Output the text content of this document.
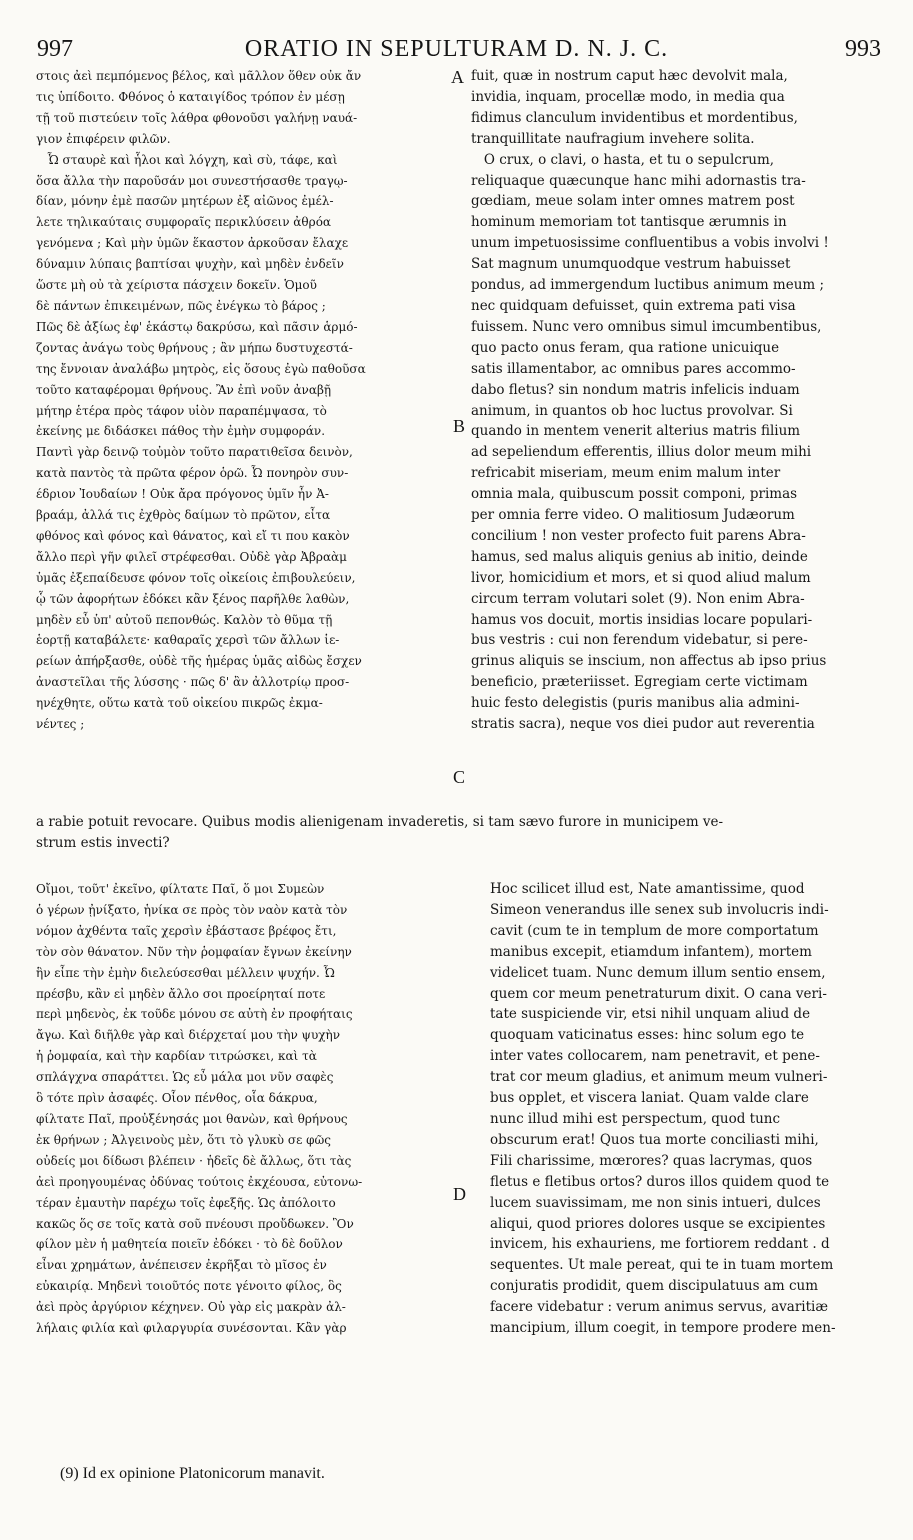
997	ORATIO IN SEPULTURAM D. N. J. C.	993
στοις ἀεὶ πεμπόμενος βέλος, καὶ μᾶλλον ὅθεν οὐκ ἄν
τις ὑπίδοιτο. Φθόνος ὁ καταιγίδος τρόπον ἐν μέσῃ
τῇ τοῦ πιστεύειν τοῖς λάθρα φθονοῦσι γαλήνῃ ναυά-
γιον ἐπιφέρειν φιλῶν.
Ὦ σταυρὲ καὶ ἧλοι καὶ λόγχη, καὶ σὺ, τάφε, καὶ
ὅσα ἄλλα τὴν παροῦσάν μοι συνεστήσασθε τραγῳ-
δίαν, μόνην ἐμὲ πασῶν μητέρων ἐξ αἰῶνος ἐμέλ-
λετε τηλικαύταις συμφοραῖς περικλύσειν ἀθρόα
γενόμενα ; Καὶ μὴν ὑμῶν ἕκαστον ἀρκοῦσαν ἔλαχε
δύναμιν λύπαις βαπτίσαι ψυχὴν, καὶ μηδὲν ἐνδεῖν
ὥστε μὴ οὐ τὰ χείριστα πάσχειν δοκεῖν. Ὁμοῦ
δὲ πάντων ἐπικειμένων, πῶς ἐνέγκω τὸ βάρος ;
Πῶς δὲ ἀξίως ἐφ' ἑκάστῳ δακρύσω, καὶ πᾶσιν ἁρμό-
ζοντας ἀνάγω τοὺς θρήνους ; ἂν μήπω δυστυχεστά-
της ἔννοιαν ἀναλάβω μητρὸς, εἰς ὅσους ἐγὼ παθοῦσα
τοῦτο καταφέρομαι θρήνους. Ἂν ἐπὶ νοῦν ἀναβῇ
μήτηρ ἑτέρα πρὸς τάφον υἱὸν παραπέμψασα, τὸ
ἐκείνης με διδάσκει πάθος τὴν ἐμὴν συμφοράν.
Παντὶ γὰρ δεινῷ τοὐμὸν τοῦτο παρατιθεῖσα δεινὸν,
κατὰ παντὸς τὰ πρῶτα φέρον ὁρῶ. Ὦ πονηρὸν συν-
έδριον Ἰουδαίων ! Οὐκ ἄρα πρόγονος ὑμῖν ἦν Ἀ-
βραάμ, ἀλλά τις ἐχθρὸς δαίμων τὸ πρῶτον, εἶτα
φθόνος καὶ φόνος καὶ θάνατος, καὶ εἴ τι που κακὸν
ἄλλο περὶ γῆν φιλεῖ στρέφεσθαι. Οὐδὲ γὰρ Ἀβραὰμ
ὑμᾶς ἐξεπαίδευσε φόνον τοῖς οἰκείοις ἐπιβουλεύειν,
ᾧ τῶν ἀφορήτων ἐδόκει κἂν ξένος παρῆλθε λαθὼν,
μηδὲν εὖ ὑπ' αὐτοῦ πεπονθώς. Καλὸν τὸ θῦμα τῇ
ἑορτῇ καταβάλετε· καθαραῖς χερσὶ τῶν ἄλλων ἱε-
ρείων ἀπήρξασθε, οὐδὲ τῆς ἡμέρας ὑμᾶς αἰδὼς ἔσχεν
ἀναστεῖλαι τῆς λύσσης · πῶς δ' ἂν ἀλλοτρίῳ προσ-
ηνέχθητε, οὕτω κατὰ τοῦ οἰκείου πικρῶς ἐκμα-
νέντες ;
fuit, quæ in nostrum caput hæc devolvit mala,
invidia, inquam, procellæ modo, in media qua
fidimus clanculum invidentibus et mordentibus,
tranquillitate naufragium invehere solita.
O crux, o clavi, o hasta, et tu o sepulcrum,
reliquaque quæcunque hanc mihi adornastis tra-
gœdiam, meue solam inter omnes matrem post
hominum memoriam tot tantisque ærumnis in
unum impetuosissime confluentibus a vobis involvi !
Sat magnum unumquodque vestrum habuisset
pondus, ad immergendum luctibus animum meum ;
nec quidquam defuisset, quin extrema pati visa
fuissem. Nunc vero omnibus simul imcumbentibus,
quo pacto onus feram, qua ratione unicuique
satis illamentabor, ac omnibus pares accommo-
dabo fletus? sin nondum matris infelicis induam
animum, in quantos ob hoc luctus provolvar. Si
quando in mentem venerit alterius matris filium
ad sepeliendum efferentis, illius dolor meum mihi
refricabit miseriam, meum enim malum inter
omnia mala, quibuscum possit componi, primas
per omnia ferre video. O malitiosum Judæorum
concilium ! non vester profecto fuit parens Abra-
hamus, sed malus aliquis genius ab initio, deinde
livor, homicidium et mors, et si quod aliud malum
circum terram volutari solet (9). Non enim Abra-
hamus vos docuit, mortis insidias locare populari-
bus vestris : cui non ferendum videbatur, si pere-
grinus aliquis se inscium, non affectus ab ipso prius
beneficio, præteriisset. Egregiam certe victimam
huic festo delegistis (puris manibus alia admini-
stratis sacra), neque vos diei pudor aut reverentia
A
B
C
D
a rabie potuit revocare. Quibus modis alienigenam invaderetis, si tam sævo furore in municipem ve-
strum estis invecti?
Οἴμοι, τοῦτ' ἐκεῖνο, φίλτατε Παῖ, ὅ μοι Συμεὼν
ὁ γέρων ᾐνίξατο, ἡνίκα σε πρὸς τὸν ναὸν κατὰ τὸν
νόμον ἀχθέντα ταῖς χερσὶν ἐβάστασε βρέφος ἔτι,
τὸν σὸν θάνατον. Νῦν τὴν ῥομφαίαν ἔγνων ἐκείνην
ἣν εἶπε τὴν ἐμὴν διελεύσεσθαι μέλλειν ψυχήν. Ὦ
πρέσβυ, κἂν εἰ μηδὲν ἄλλο σοι προείρηταί ποτε
περὶ μηδενὸς, ἐκ τοῦδε μόνου σε αὐτὴ ἐν προφήταις
ἄγω. Καὶ διῆλθε γὰρ καὶ διέρχεταί μου τὴν ψυχὴν
ἡ ῥομφαία, καὶ τὴν καρδίαν τιτρώσκει, καὶ τὰ
σπλάγχνα σπαράττει. Ὡς εὖ μάλα μοι νῦν σαφὲς
ὃ τότε πρὶν ἀσαφές. Οἷον πένθος, οἷα δάκρυα,
φίλτατε Παῖ, προὐξένησάς μοι θανὼν, καὶ θρήνους
ἐκ θρήνων ; Ἀλγεινοὺς μὲν, ὅτι τὸ γλυκὺ σε φῶς
οὐδείς μοι δίδωσι βλέπειν · ἡδεῖς δὲ ἄλλως, ὅτι τὰς
ἀεὶ προηγουμένας ὀδύνας τούτοις ἐκχέουσα, εὐτονω-
τέραν ἐμαυτὴν παρέχω τοῖς ἐφεξῆς. Ὡς ἀπόλοιτο
κακῶς ὅς σε τοῖς κατὰ σοῦ πνέουσι προὔδωκεν. Ὃν
φίλον μὲν ἡ μαθητεία ποιεῖν ἐδόκει · τὸ δὲ δοῦλον
εἶναι χρημάτων, ἀνέπεισεν ἐκρῆξαι τὸ μῖσος ἐν
εὐκαιρίᾳ. Μηδενὶ τοιοῦτός ποτε γένοιτο φίλος, ὃς
ἀεὶ πρὸς ἀργύριον κέχηνεν. Οὐ γὰρ εἰς μακρὰν ἀλ-
λήλαις φιλία καὶ φιλαργυρία συνέσονται. Κἂν γὰρ
Hoc scilicet illud est, Nate amantissime, quod
Simeon venerandus ille senex sub involucris indi-
cavit (cum te in templum de more comportatum
manibus excepit, etiamdum infantem), mortem
videlicet tuam. Nunc demum illum sentio ensem,
quem cor meum penetraturum dixit. O cana veri-
tate suspiciende vir, etsi nihil unquam aliud de
quoquam vaticinatus esses: hinc solum ego te
inter vates collocarem, nam penetravit, et pene-
trat cor meum gladius, et animum meum vulneri-
bus opplet, et viscera laniat. Quam valde clare
nunc illud mihi est perspectum, quod tunc
obscurum erat! Quos tua morte conciliasti mihi,
Fili charissime, mœrores? quas lacrymas, quos
fletus e fletibus ortos? duros illos quidem quod te
lucem suavissimam, me non sinis intueri, dulces
aliqui, quod priores dolores usque se excipientes
invicem, his exhauriens, me fortiorem reddant . d
sequentes. Ut male pereat, qui te in tuam mortem
conjuratis prodidit, quem discipulatuus am cum
facere videbatur : verum animus servus, avaritiæ
mancipium, illum coegit, in tempore prodere men-
(9) Id ex opinione Platonicorum manavit.
